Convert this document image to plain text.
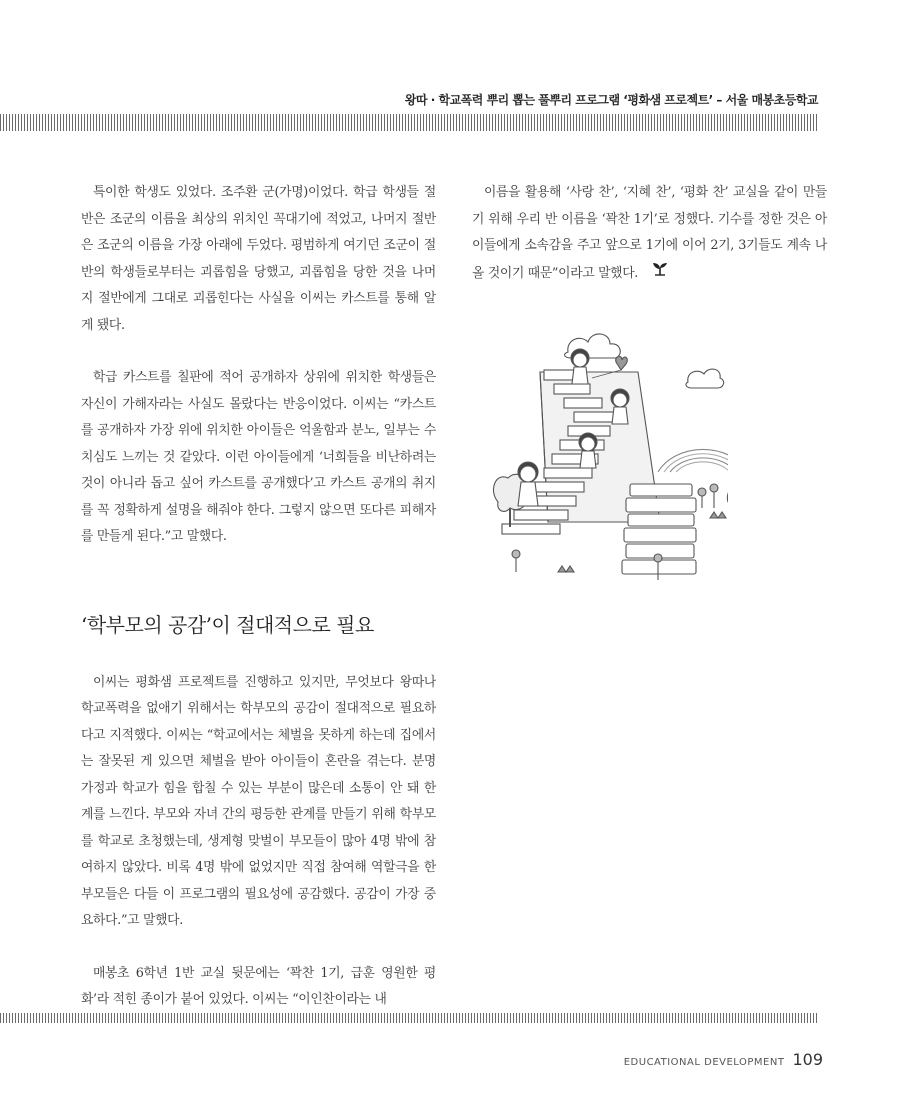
왕따 · 학교폭력 뿌리 뽑는 풀뿌리 프로그램 ‘평화샘 프로젝트’ – 서울 매봉초등학교

특이한 학생도 있었다. 조주환 군(가명)이었다. 학급 학생들 절반은 조군의 이름을 최상의 위치인 꼭대기에 적었고, 나머지 절반은 조군의 이름을 가장 아래에 두었다. 평범하게 여기던 조군이 절반의 학생들로부터는 괴롭힘을 당했고, 괴롭힘을 당한 것을 나머지 절반에게 그대로 괴롭힌다는 사실을 이씨는 카스트를 통해 알게 됐다.

학급 카스트를 칠판에 적어 공개하자 상위에 위치한 학생들은 자신이 가해자라는 사실도 몰랐다는 반응이었다. 이씨는 “카스트를 공개하자 가장 위에 위치한 아이들은 억울함과 분노, 일부는 수치심도 느끼는 것 같았다. 이런 아이들에게 ‘너희들을 비난하려는 것이 아니라 돕고 싶어 카스트를 공개했다’고 카스트 공개의 취지를 꼭 정확하게 설명을 해줘야 한다. 그렇지 않으면 또다른 피해자를 만들게 된다.”고 말했다.

‘학부모의 공감’이 절대적으로 필요

이씨는 평화샘 프로젝트를 진행하고 있지만, 무엇보다 왕따나 학교폭력을 없애기 위해서는 학부모의 공감이 절대적으로 필요하다고 지적했다. 이씨는 “학교에서는 체벌을 못하게 하는데 집에서는 잘못된 게 있으면 체벌을 받아 아이들이 혼란을 겪는다. 분명 가정과 학교가 힘을 합칠 수 있는 부분이 많은데 소통이 안 돼 한계를 느낀다. 부모와 자녀 간의 평등한 관계를 만들기 위해 학부모를 학교로 초청했는데, 생계형 맞벌이 부모들이 많아 4명 밖에 참여하지 않았다. 비록 4명 밖에 없었지만 직접 참여해 역할극을 한 부모들은 다들 이 프로그램의 필요성에 공감했다. 공감이 가장 중요하다.”고 말했다.

매봉초 6학년 1반 교실 뒷문에는 ‘꽉찬 1기, 급훈 영원한 평화’라 적힌 종이가 붙어 있었다. 이씨는 “이인찬이라는 내

이름을 활용해 ‘사랑 찬’, ‘지혜 찬’, ‘평화 찬’ 교실을 같이 만들기 위해 우리 반 이름을 ‘꽉찬 1기’로 정했다. 기수를 정한 것은 아이들에게 소속감을 주고 앞으로 1기에 이어 2기, 3기들도 계속 나올 것이기 때문”이라고 말했다.

EDUCATIONAL DEVELOPMENT 109
